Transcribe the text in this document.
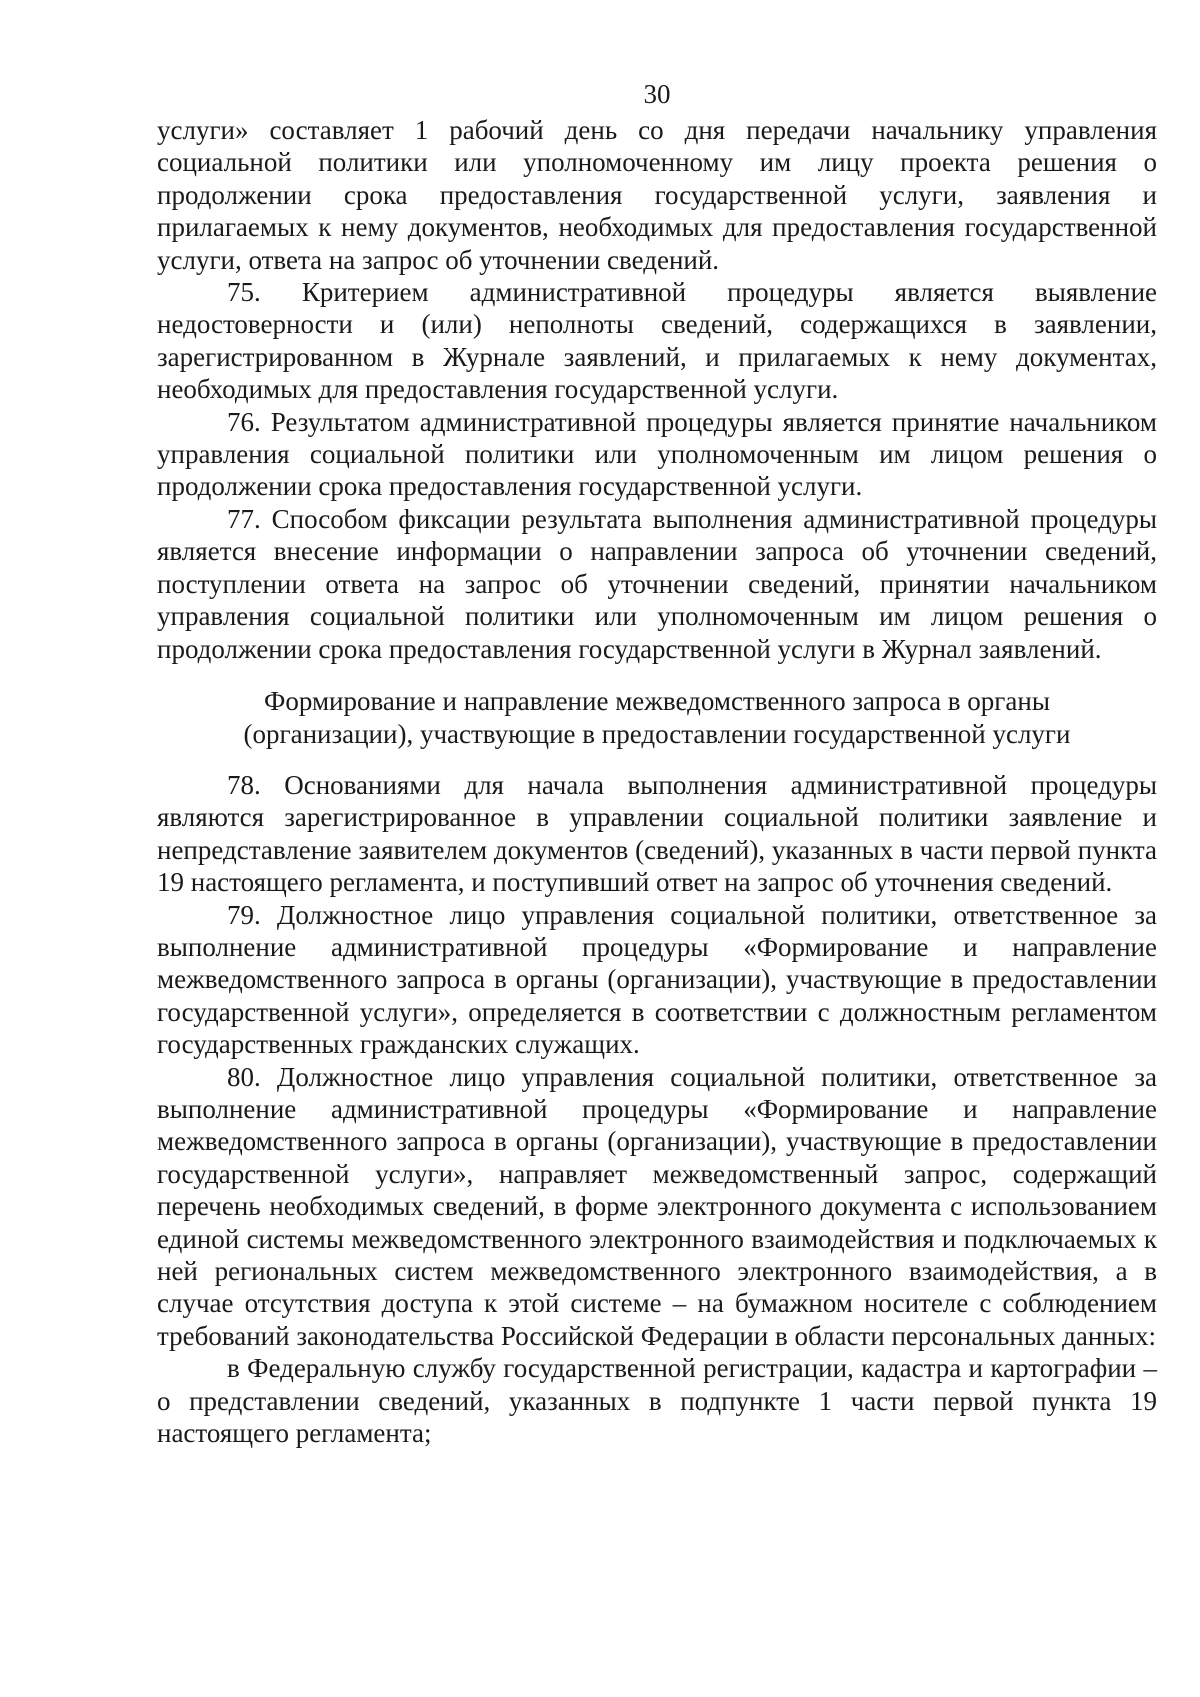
30

услуги» составляет 1 рабочий день со дня передачи начальнику управления социальной политики или уполномоченному им лицу проекта решения о продолжении срока предоставления государственной услуги, заявления и прилагаемых к нему документов, необходимых для предоставления государственной услуги, ответа на запрос об уточнении сведений.

75. Критерием административной процедуры является выявление недостоверности и (или) неполноты сведений, содержащихся в заявлении, зарегистрированном в Журнале заявлений, и прилагаемых к нему документах, необходимых для предоставления государственной услуги.

76. Результатом административной процедуры является принятие начальником управления социальной политики или уполномоченным им лицом решения о продолжении срока предоставления государственной услуги.

77. Способом фиксации результата выполнения административной процедуры является внесение информации о направлении запроса об уточнении сведений, поступлении ответа на запрос об уточнении сведений, принятии начальником управления социальной политики или уполномоченным им лицом решения о продолжении срока предоставления государственной услуги в Журнал заявлений.

Формирование и направление межведомственного запроса в органы
(организации), участвующие в предоставлении государственной услуги

78. Основаниями для начала выполнения административной процедуры являются зарегистрированное в управлении социальной политики заявление и непредставление заявителем документов (сведений), указанных в части первой пункта 19 настоящего регламента, и поступивший ответ на запрос об уточнения сведений.

79. Должностное лицо управления социальной политики, ответственное за выполнение административной процедуры «Формирование и направление межведомственного запроса в органы (организации), участвующие в предоставлении государственной услуги», определяется в соответствии с должностным регламентом государственных гражданских служащих.

80. Должностное лицо управления социальной политики, ответственное за выполнение административной процедуры «Формирование и направление межведомственного запроса в органы (организации), участвующие в предоставлении государственной услуги», направляет межведомственный запрос, содержащий перечень необходимых сведений, в форме электронного документа с использованием единой системы межведомственного электронного взаимодействия и подключаемых к ней региональных систем межведомственного электронного взаимодействия, а в случае отсутствия доступа к этой системе – на бумажном носителе с соблюдением требований законодательства Российской Федерации в области персональных данных:

в Федеральную службу государственной регистрации, кадастра и картографии – о представлении сведений, указанных в подпункте 1 части первой пункта 19 настоящего регламента;
